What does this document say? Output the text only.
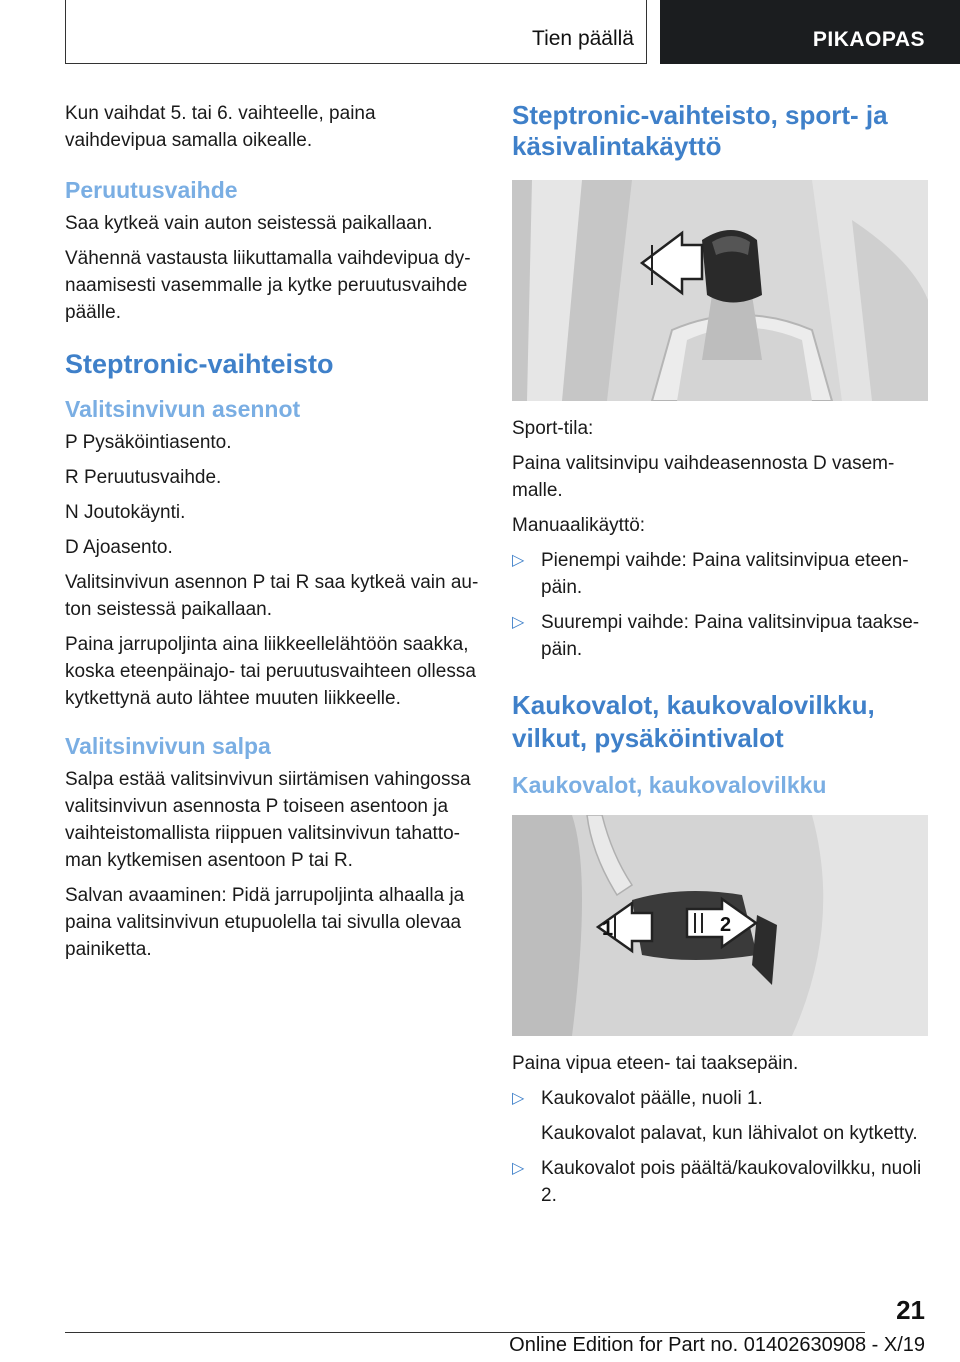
Tien päällä	PIKAOPAS

Kun vaihdat 5. tai 6. vaihteelle, paina vaihdevipua samalla oikealle.

Peruutusvaihde

Saa kytkeä vain auton seistessä paikallaan.

Vähennä vastausta liikuttamalla vaihdevipua dynaamisesti vasemmalle ja kytke peruutusvaihde päälle.

Steptronic-vaihteisto
Valitsinvivun asennot

P Pysäköintiasento.

R Peruutusvaihde.

N Joutokäynti.

D Ajoasento.

Valitsinvivun asennon P tai R saa kytkeä vain auton seistessä paikallaan.

Paina jarrupoljinta aina liikkeellelähtöön saakka, koska eteenpäinajo- tai peruutusvaihteen ollessa kytkettynä auto lähtee muuten liikkeelle.

Valitsinvivun salpa

Salpa estää valitsinvivun siirtämisen vahingossa valitsinvivun asennosta P toiseen asentoon ja vaihteistomallista riippuen valitsinvivun tahattoman kytkemisen asentoon P tai R.

Salvan avaaminen: Pidä jarrupoljinta alhaalla ja paina valitsinvivun etupuolella tai sivulla olevaa painiketta.

Steptronic-vaihteisto, sport- ja käsivalintakäyttö

Sport-tila:

Paina valitsinvipu vaihdeasennosta D vasemmalle.

Manuaalikäyttö:

▷ Pienempi vaihde: Paina valitsinvipua eteenpäin.
▷ Suurempi vaihde: Paina valitsinvipua taaksepäin.
Kaukovalot, kaukovalovilkku, vilkut, pysäköintivalot
Kaukovalot, kaukovalovilkku
1	2

Paina vipua eteen- tai taaksepäin.

▷ Kaukovalot päälle, nuoli 1.
Kaukovalot palavat, kun lähivalot on kytketty.
▷ Kaukovalot pois päältä/kaukovalovilkku, nuoli 2.
21
Online Edition for Part no. 01402630908 - X/19
